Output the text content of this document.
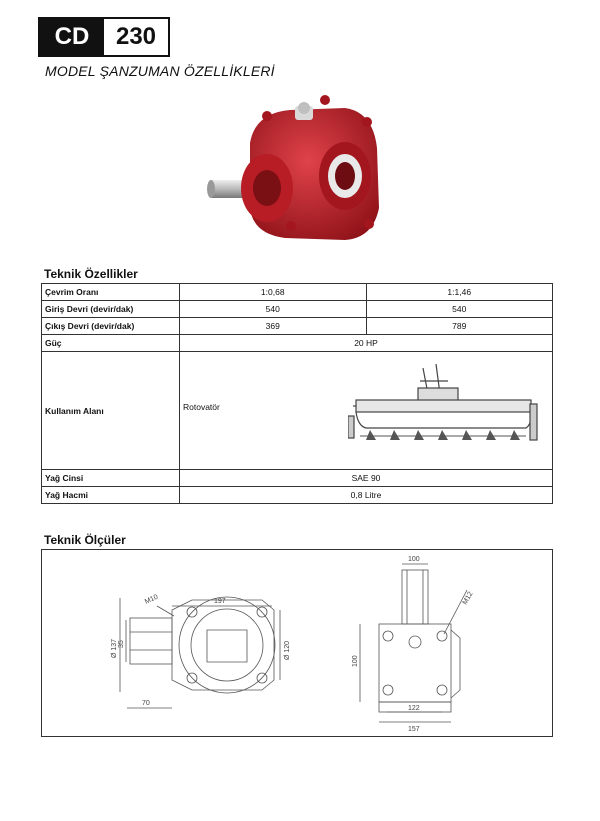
CD	230
MODEL ŞANZUMAN ÖZELLİKLERİ
Teknik Özellikler
Çevrim Oranı	1:0,68	1:1,46
Giriş Devri (devir/dak)	540	540
Çıkış Devri (devir/dak)	369	789
Güç	20 HP	
Kullanım Alanı	Rotovatör	

Yağ Cinsi	SAE 90	
Yağ Hacmi	0,8 Litre	
Teknik Ölçüler
197
M10
Ø 137 35	Ø 120
70
100
M12
100
122
157
